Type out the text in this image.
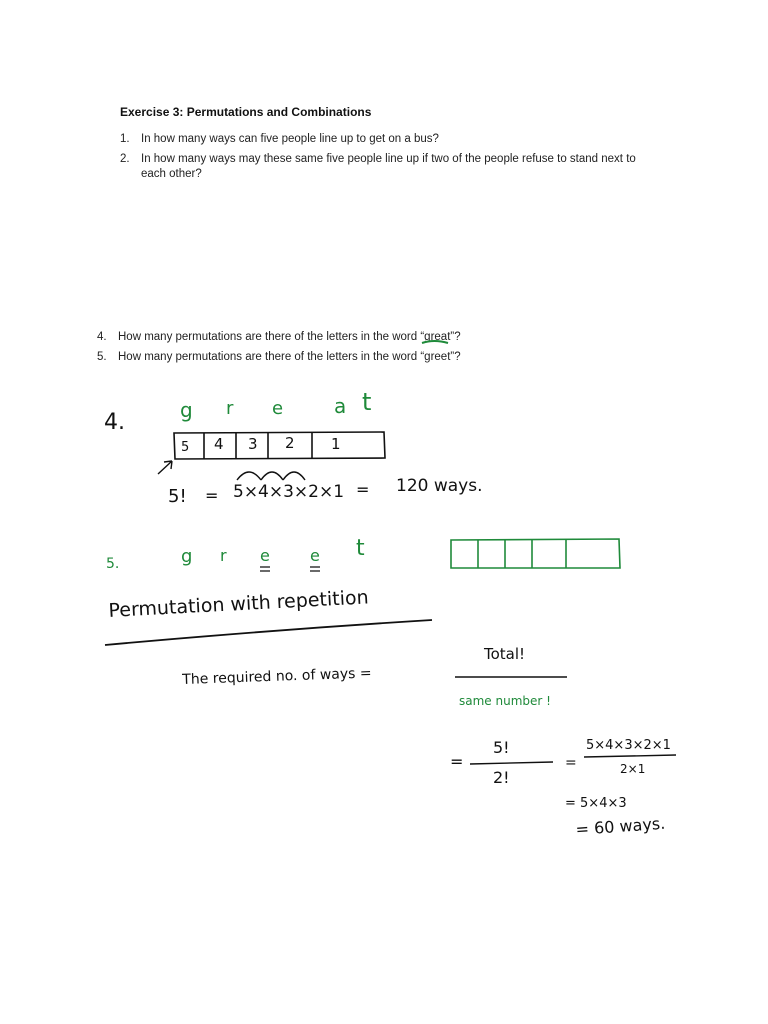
Exercise 3: Permutations and Combinations
1. In how many ways can five people line up to get on a bus?
2. In how many ways may these same five people line up if two of the people refuse to stand next to each other?
4. How many permutations are there of the letters in the word “great”?
5. How many permutations are there of the letters in the word “greet”?
4.	g r e	a t
5 4 3 2 1
5! = 5×4×3×2×1 = 120 ways.
5.	g r e	e t
Permutation with repetition
The required no. of ways =
Total!
same number !
=
5!
2!
=
5×4×3×2×1
2×1
= 5×4×3
= 60 ways.
